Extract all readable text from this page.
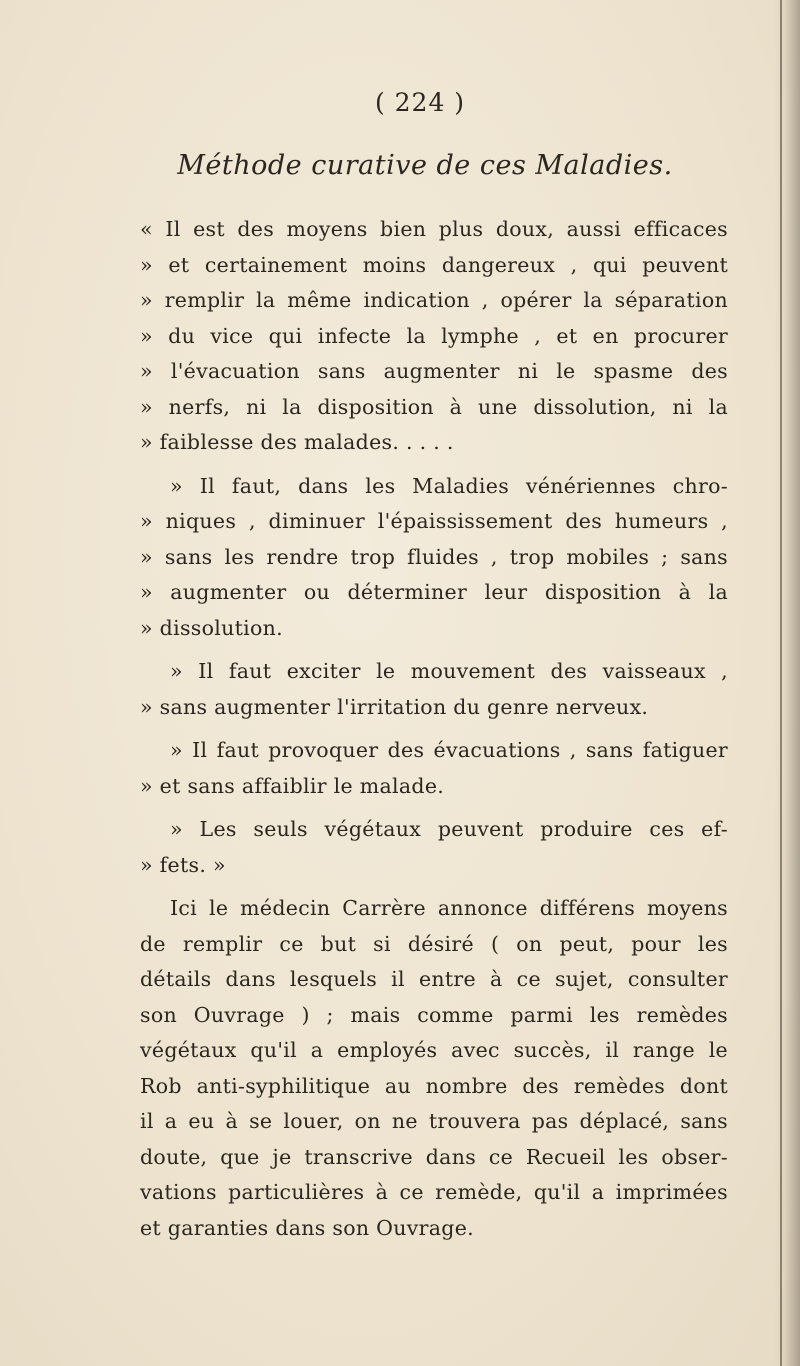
( 224 )
Méthode curative de ces Maladies.
« Il est des moyens bien plus doux, aussi efficaces
» et certainement moins dangereux , qui peuvent
» remplir la même indication , opérer la séparation
» du vice qui infecte la lymphe , et en procurer
» l'évacuation sans augmenter ni le spasme des
» nerfs, ni la disposition à une dissolution, ni la
» faiblesse des malades. . . . .
» Il faut, dans les Maladies vénériennes chro-
» niques , diminuer l'épaississement des humeurs ,
» sans les rendre trop fluides , trop mobiles ; sans
» augmenter ou déterminer leur disposition à la
» dissolution.
» Il faut exciter le mouvement des vaisseaux ,
» sans augmenter l'irritation du genre nerveux.
» Il faut provoquer des évacuations , sans fatiguer
» et sans affaiblir le malade.
» Les seuls végétaux peuvent produire ces ef-
» fets. »
Ici le médecin Carrère annonce différens moyens
de remplir ce but si désiré ( on peut, pour les
détails dans lesquels il entre à ce sujet, consulter
son Ouvrage ) ; mais comme parmi les remèdes
végétaux qu'il a employés avec succès, il range le
Rob anti-syphilitique au nombre des remèdes dont
il a eu à se louer, on ne trouvera pas déplacé, sans
doute, que je transcrive dans ce Recueil les obser-
vations particulières à ce remède, qu'il a imprimées
et garanties dans son Ouvrage.
